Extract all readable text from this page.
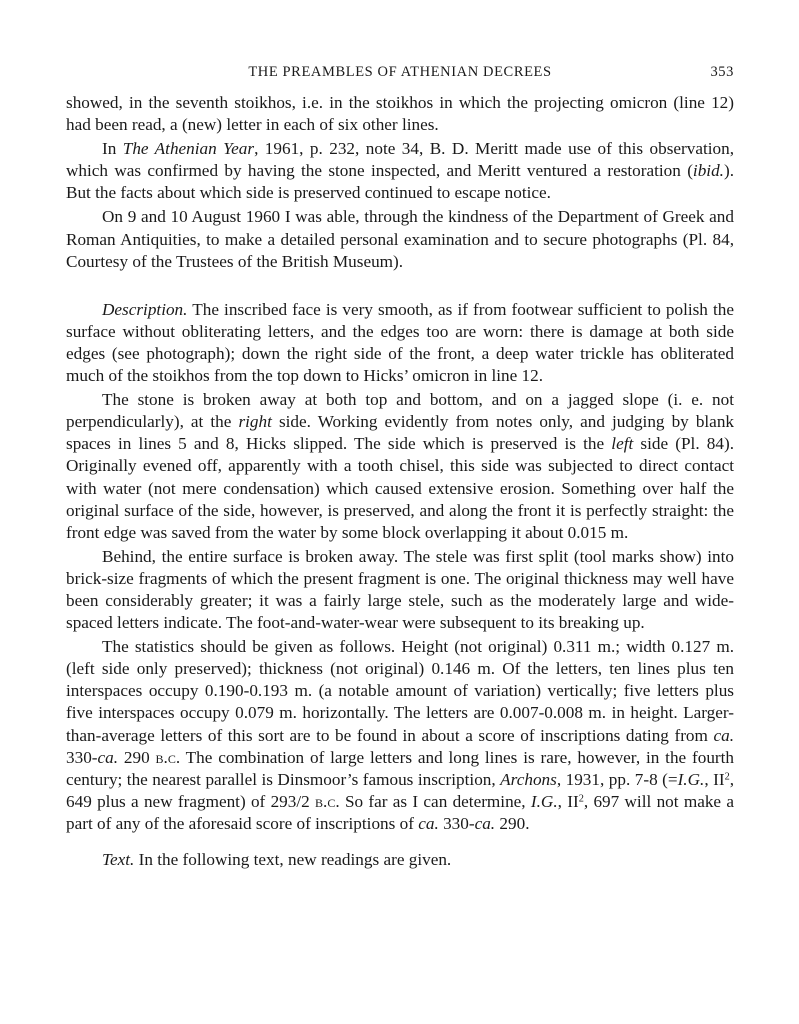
THE PREAMBLES OF ATHENIAN DECREES	353

showed, in the seventh stoikhos, i.e. in the stoikhos in which the projecting omicron (line 12) had been read, a (new) letter in each of six other lines.

In The Athenian Year, 1961, p. 232, note 34, B. D. Meritt made use of this observation, which was confirmed by having the stone inspected, and Meritt ventured a restoration (ibid.). But the facts about which side is preserved continued to escape notice.

On 9 and 10 August 1960 I was able, through the kindness of the Department of Greek and Roman Antiquities, to make a detailed personal examination and to secure photographs (Pl. 84, Courtesy of the Trustees of the British Museum).

Description. The inscribed face is very smooth, as if from footwear sufficient to polish the surface without obliterating letters, and the edges too are worn: there is damage at both side edges (see photograph); down the right side of the front, a deep water trickle has obliterated much of the stoikhos from the top down to Hicks’ omicron in line 12.

The stone is broken away at both top and bottom, and on a jagged slope (i. e. not perpendicularly), at the right side. Working evidently from notes only, and judging by blank spaces in lines 5 and 8, Hicks slipped. The side which is preserved is the left side (Pl. 84). Originally evened off, apparently with a tooth chisel, this side was subjected to direct contact with water (not mere condensation) which caused extensive erosion. Something over half the original surface of the side, however, is preserved, and along the front it is perfectly straight: the front edge was saved from the water by some block overlapping it about 0.015 m.

Behind, the entire surface is broken away. The stele was first split (tool marks show) into brick-size fragments of which the present fragment is one. The original thickness may well have been considerably greater; it was a fairly large stele, such as the moderately large and wide-spaced letters indicate. The foot-and-water-wear were subsequent to its breaking up.

The statistics should be given as follows. Height (not original) 0.311 m.; width 0.127 m. (left side only preserved); thickness (not original) 0.146 m. Of the letters, ten lines plus ten interspaces occupy 0.190-0.193 m. (a notable amount of variation) vertically; five letters plus five interspaces occupy 0.079 m. horizontally. The letters are 0.007-0.008 m. in height. Larger-than-average letters of this sort are to be found in about a score of inscriptions dating from ca. 330-ca. 290 b.c. The combination of large letters and long lines is rare, however, in the fourth century; the nearest parallel is Dinsmoor’s famous inscription, Archons, 1931, pp. 7-8 (=I.G., $II^2$, 649 plus a new fragment) of 293/2 b.c. So far as I can determine, I.G., $II^2$, 697 will not make a part of any of the aforesaid score of inscriptions of ca. 330-ca. 290.

Text. In the following text, new readings are given.
